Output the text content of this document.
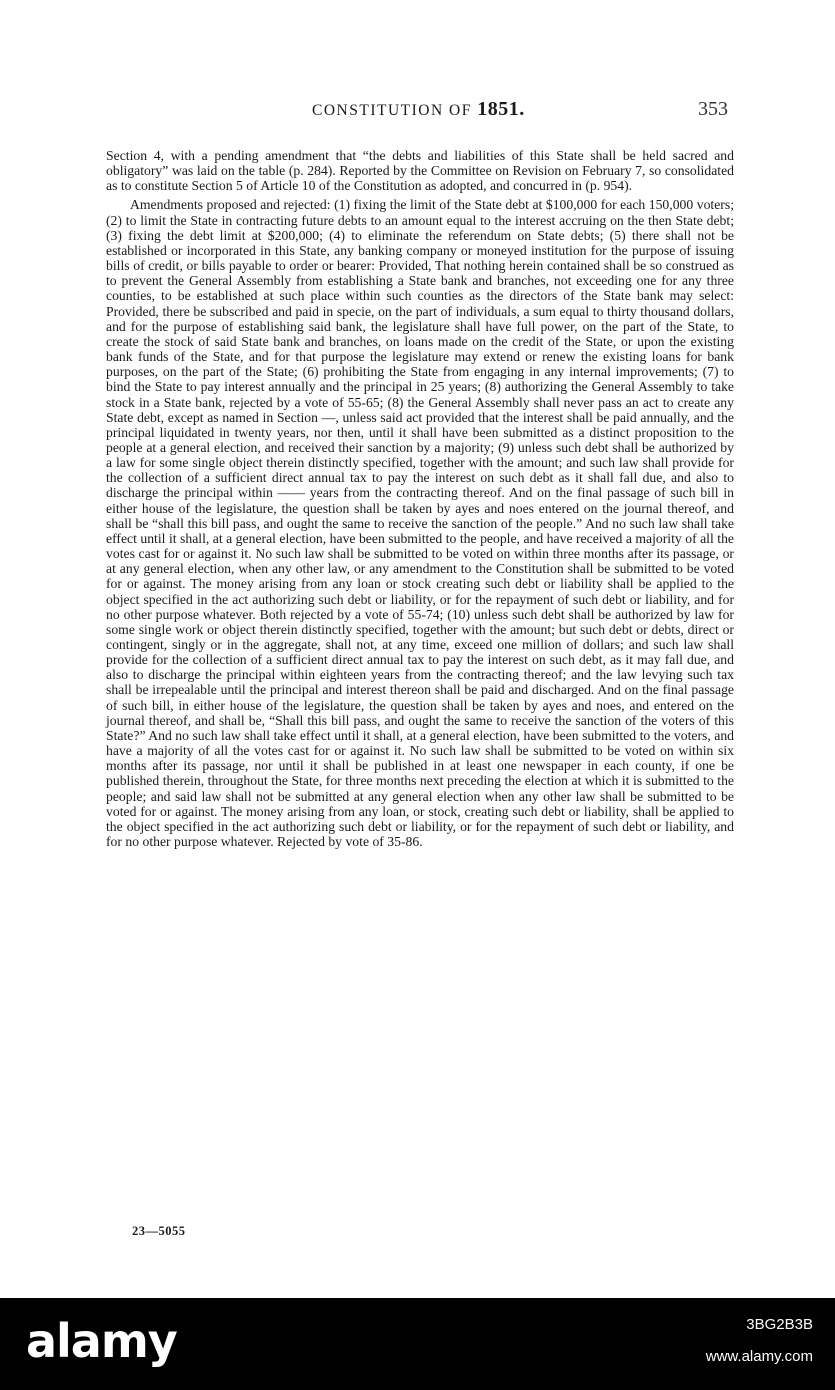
CONSTITUTION OF 1851.	353

Section 4, with a pending amendment that “the debts and liabilities of this State shall be held sacred and obligatory” was laid on the table (p. 284). Reported by the Committee on Revision on February 7, so consolidated as to constitute Section 5 of Article 10 of the Constitution as adopted, and concurred in (p. 954).

Amendments proposed and rejected: (1) fixing the limit of the State debt at $100,000 for each 150,000 voters; (2) to limit the State in contracting future debts to an amount equal to the interest accruing on the then State debt; (3) fixing the debt limit at $200,000; (4) to eliminate the referendum on State debts; (5) there shall not be established or incorporated in this State, any banking company or moneyed institution for the purpose of issuing bills of credit, or bills payable to order or bearer: Provided, That nothing herein contained shall be so construed as to prevent the General Assembly from establishing a State bank and branches, not exceeding one for any three counties, to be established at such place within such counties as the directors of the State bank may select: Provided, there be subscribed and paid in specie, on the part of individuals, a sum equal to thirty thousand dollars, and for the purpose of establishing said bank, the legislature shall have full power, on the part of the State, to create the stock of said State bank and branches, on loans made on the credit of the State, or upon the existing bank funds of the State, and for that purpose the legislature may extend or renew the existing loans for bank purposes, on the part of the State; (6) prohibiting the State from engaging in any internal improvements; (7) to bind the State to pay interest annually and the principal in 25 years; (8) authorizing the General Assembly to take stock in a State bank, rejected by a vote of 55-65; (8) the General Assembly shall never pass an act to create any State debt, except as named in Section —, unless said act provided that the interest shall be paid annually, and the principal liquidated in twenty years, nor then, until it shall have been submitted as a distinct proposition to the people at a general election, and received their sanction by a majority; (9) unless such debt shall be authorized by a law for some single object therein distinctly specified, together with the amount; and such law shall provide for the collection of a sufficient direct annual tax to pay the interest on such debt as it shall fall due, and also to discharge the principal within —— years from the contracting thereof. And on the final passage of such bill in either house of the legislature, the question shall be taken by ayes and noes entered on the journal thereof, and shall be “shall this bill pass, and ought the same to receive the sanction of the people.” And no such law shall take effect until it shall, at a general election, have been submitted to the people, and have received a majority of all the votes cast for or against it. No such law shall be submitted to be voted on within three months after its passage, or at any general election, when any other law, or any amendment to the Constitution shall be submitted to be voted for or against. The money arising from any loan or stock creating such debt or liability shall be applied to the object specified in the act authorizing such debt or liability, or for the repayment of such debt or liability, and for no other purpose whatever. Both rejected by a vote of 55-74; (10) unless such debt shall be authorized by law for some single work or object therein distinctly specified, together with the amount; but such debt or debts, direct or contingent, singly or in the aggregate, shall not, at any time, exceed one million of dollars; and such law shall provide for the collection of a sufficient direct annual tax to pay the interest on such debt, as it may fall due, and also to discharge the principal within eighteen years from the contracting thereof; and the law levying such tax shall be irrepealable until the principal and interest thereon shall be paid and discharged. And on the final passage of such bill, in either house of the legislature, the question shall be taken by ayes and noes, and entered on the journal thereof, and shall be, “Shall this bill pass, and ought the same to receive the sanction of the voters of this State?” And no such law shall take effect until it shall, at a general election, have been submitted to the voters, and have a majority of all the votes cast for or against it. No such law shall be submitted to be voted on within six months after its passage, nor until it shall be published in at least one newspaper in each county, if one be published therein, throughout the State, for three months next preceding the election at which it is submitted to the people; and said law shall not be submitted at any general election when any other law shall be submitted to be voted for or against. The money arising from any loan, or stock, creating such debt or liability, shall be applied to the object specified in the act authorizing such debt or liability, or for the repayment of such debt or liability, and for no other purpose whatever. Rejected by vote of 35-86.

23—5055
alamy	3BG2B3B
www.alamy.com
